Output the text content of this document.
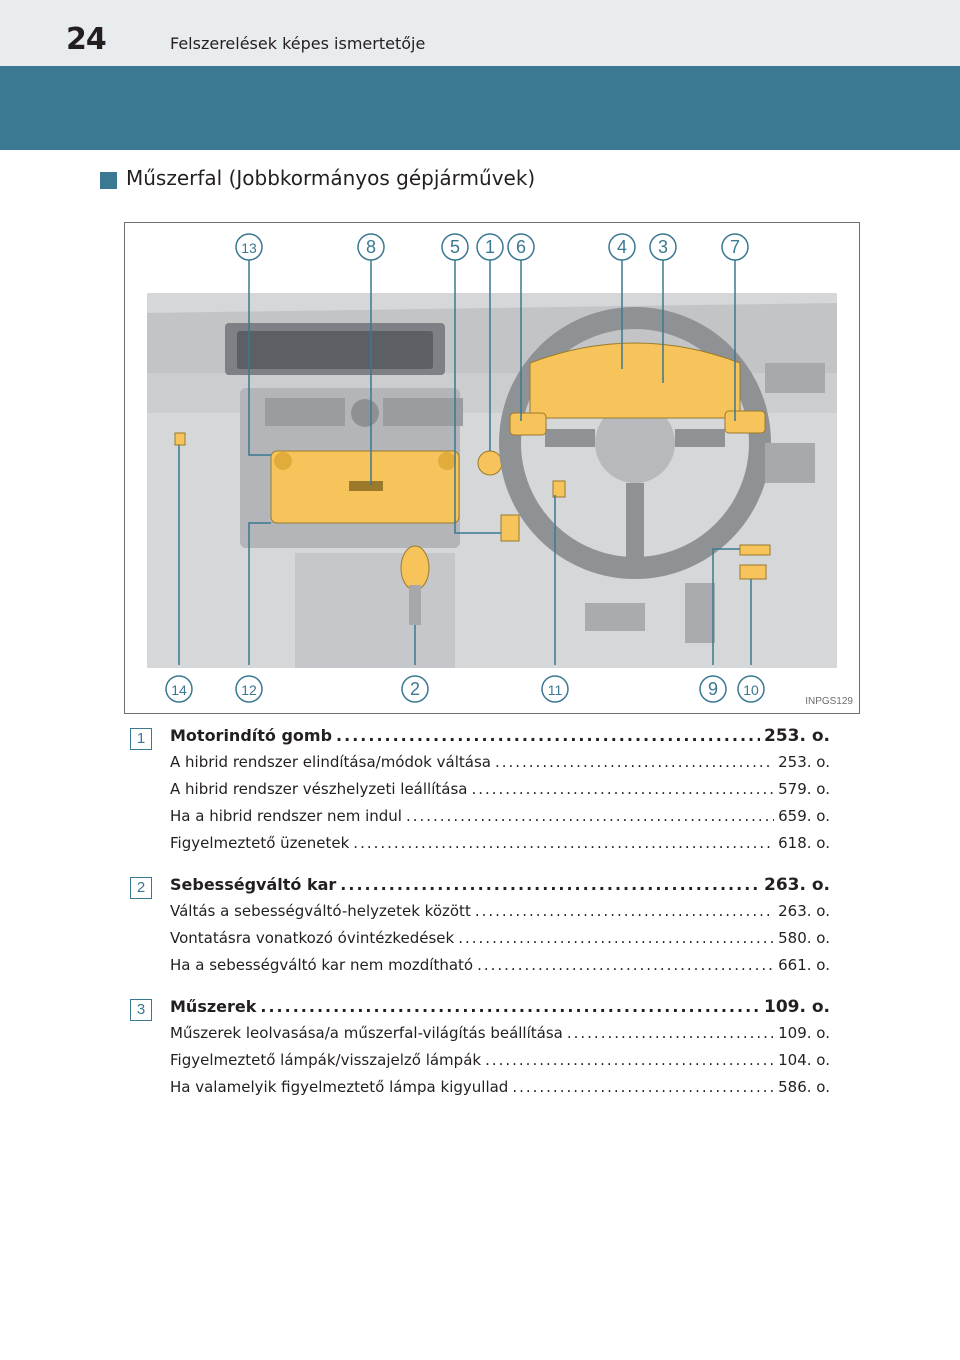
24	Felszerelések képes ismertetője
Műszerfal (Jobbkormányos gépjárművek)
13	8	5 1 6	4 3	7
14	12	2	11	9 10
INPGS129
1	Motorindító gomb .....	253. o.
A hibrid rendszer elindítása/módok váltása .....	253. o.
A hibrid rendszer vészhelyzeti leállítása .....	579. o.
Ha a hibrid rendszer nem indul .....	659. o.
Figyelmeztető üzenetek .....	618. o.
2	Sebességváltó kar .....	263. o.
Váltás a sebességváltó-helyzetek között .....	263. o.
Vontatásra vonatkozó óvintézkedések .....	580. o.
Ha a sebességváltó kar nem mozdítható .....	661. o.
3	Műszerek .....	109. o.
Műszerek leolvasása/a műszerfal-világítás beállítása .....	109. o.
Figyelmeztető lámpák/visszajelző lámpák .....	104. o.
Ha valamelyik figyelmeztető lámpa kigyullad .....	586. o.
